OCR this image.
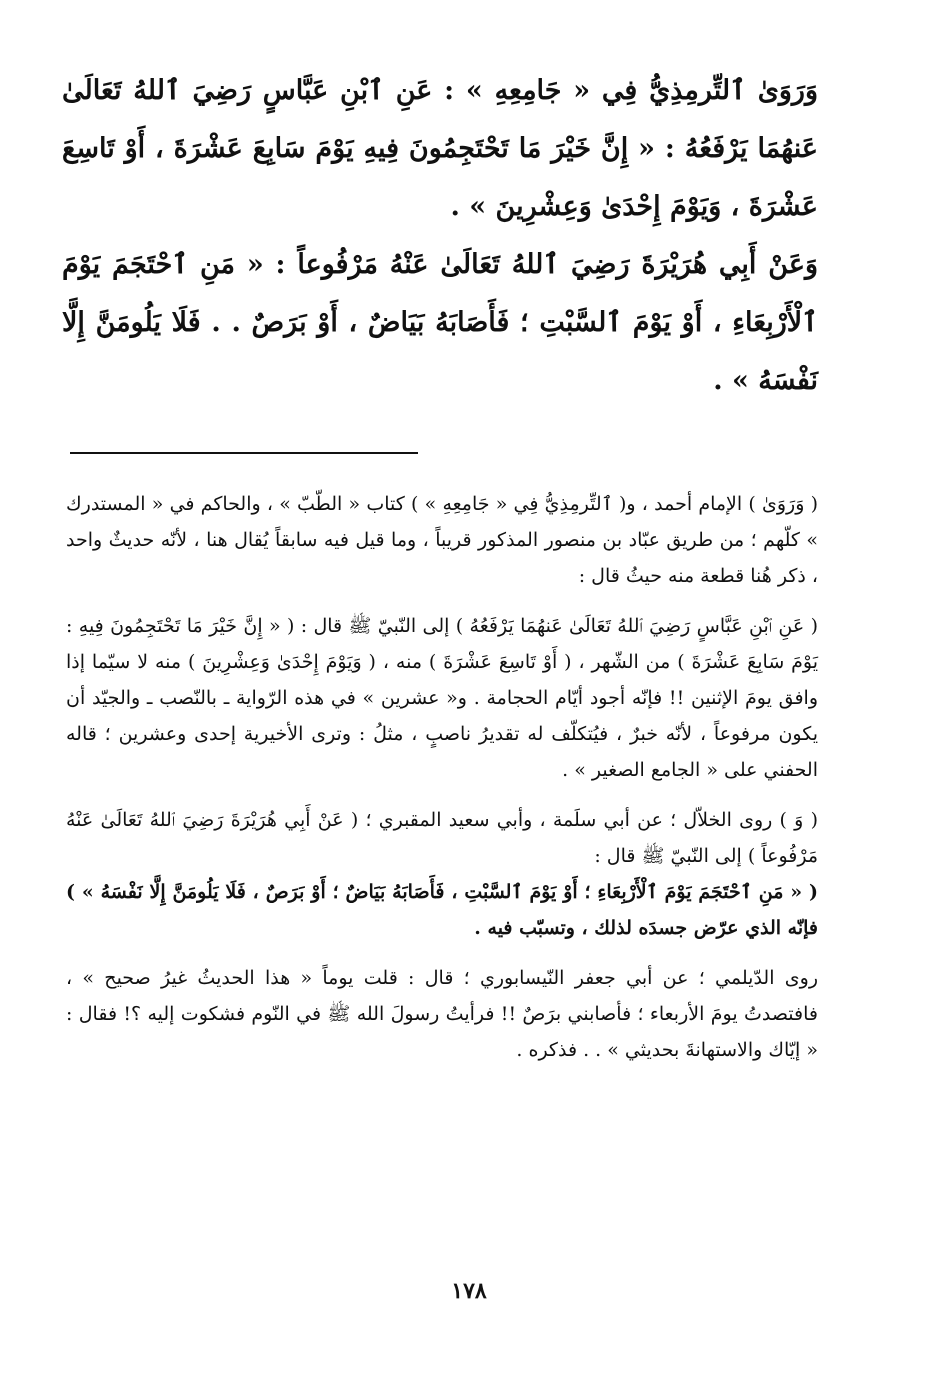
وَرَوَىٰ ٱلتِّرمِذِيُّ فِي « جَامِعِهِ » : عَنِ ٱبْنِ عَبَّاسٍ رَضِيَ ٱللهُ تَعَالَىٰ عَنهُمَا يَرْفَعُهُ : « إِنَّ خَيْرَ مَا تَحْتَجِمُونَ فِيهِ يَوْمَ سَابِعَ عَشْرَةَ ، أَوْ تَاسِعَ عَشْرَةَ ، وَيَوْمَ إِحْدَىٰ وَعِشْرِينَ » .

وَعَنْ أَبِي هُرَيْرَةَ رَضِيَ ٱللهُ تَعَالَىٰ عَنْهُ مَرْفُوعاً : « مَنِ ٱحْتَجَمَ يَوْمَ ٱلْأَرْبِعَاءِ ، أَوْ يَوْمَ ٱلسَّبْتِ ؛ فَأَصَابَهُ بَيَاضٌ ، أَوْ بَرَصٌ . . فَلَا يَلُومَنَّ إِلَّا نَفْسَهُ » .

( وَرَوَىٰ ) الإمام أحمد ، و( ٱلتِّرمِذِيُّ فِي « جَامِعِهِ » ) كتاب « الطّبّ » ، والحاكم في « المستدرك » كلّهم ؛ من طريق عبّاد بن منصور المذكور قريباً ، وما قيل فيه سابقاً يُقال هنا ، لأنّه حديثٌ واحد ، ذكر هُنا قطعة منه حيثُ قال :

( عَنِ ٱبْنِ عَبَّاسٍ رَضِيَ ٱللهُ تَعَالَىٰ عَنهُمَا يَرْفَعُهُ ) إلى النّبيّ ﷺ قال : ( « إِنَّ خَيْرَ مَا تَحْتَجِمُونَ فِيهِ : يَوْمَ سَابِعَ عَشْرَةَ ) من الشّهر ، ( أَوْ تَاسِعَ عَشْرَةَ ) منه ، ( وَيَوْمَ إِحْدَىٰ وَعِشْرِينَ ) منه لا سيّما إذا وافق يومَ الإثنين !! فإنّه أجود أيّام الحجامة . و« عشرين » في هذه الرّواية ـ بالنّصب ـ والجيّد أن يكون مرفوعاً ، لأنّه خبرٌ ، فيُتكلّف له تقديرُ ناصبٍ ، مثلُ : وترى الأخيرية إحدى وعشرين ؛ قاله الحفني على « الجامع الصغير » .

( وَ ) روى الخلاّل ؛ عن أبي سلَمة ، وأبي سعيد المقبري ؛ ( عَنْ أَبِي هُرَيْرَةَ رَضِيَ ٱللهُ تَعَالَىٰ عَنْهُ مَرْفُوعاً ) إلى النّبيّ ﷺ قال :

( « مَنِ ٱحْتَجَمَ يَوْمَ ٱلْأَرْبِعَاءِ ؛ أَوْ يَوْمَ ٱلسَّبْتِ ، فَأَصَابَهُ بَيَاضٌ ؛ أَوْ بَرَصٌ ، فَلَا يَلُومَنَّ إِلَّا نَفْسَهُ » ) فإنّه الذي عرّض جسدَه لذلك ، وتسبّب فيه .

روى الدّيلمي ؛ عن أبي جعفر النّيسابوري ؛ قال : قلت يوماً « هذا الحديثُ غيرُ صحيح » ، فافتصدتُ يومَ الأربعاء ؛ فأصابني برَصٌ !! فرأيتُ رسولَ الله ﷺ في النّوم فشكوت إليه ؟! فقال : « إيّاك والاستهانةَ بحديثي » . . فذكره .

١٧٨
